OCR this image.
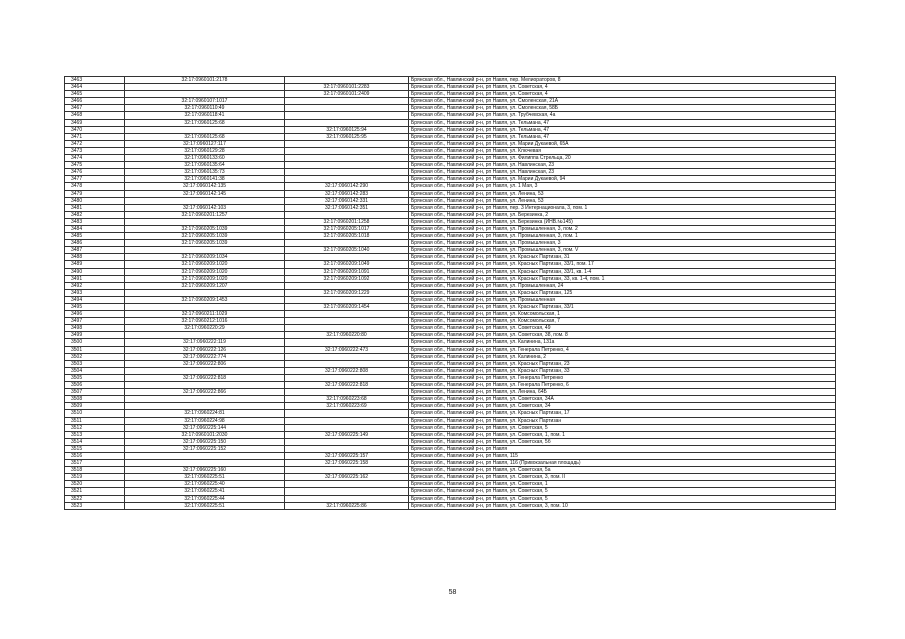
3463	32:17:0960101:2178		Брянская обл., Навлинский р-н, рп Навля, пер. Мелиораторов, 8
3464		32:17:0960101:2283	Брянская обл., Навлинский р-н, рп Навля, ул. Советская, 4
3465		32:17:0960101:2409	Брянская обл., Навлинский р-н, рп Навля, ул. Советская, 4
3466	32:17:0960107:1017		Брянская обл., Навлинский р-н, рп Навля, ул. Смоленская, 21А
3467	32:17:0960110:49		Брянская обл., Навлинский р-н, рп Навля, ул. Смоленская, 58Б
3468	32:17:0960118:41		Брянская обл., Навлинский р-н, рп Навля, ул. Трубчевская, 4а
3469	32:17:0960125:68		Брянская обл., Навлинский р-н, рп Навля, ул. Тельмана, 47
3470		32:17:0960125:94	Брянская обл., Навлинский р-н, рп Навля, ул. Тельмана, 47
3471	32:17:0960125:68	32:17:0960125:95	Брянская обл., Навлинский р-н, рп Навля, ул. Тельмана, 47
3472	32:17:0960127:117		Брянская обл., Навлинский р-н, рп Навля, ул. Марии Дукаевой, 65А
3473	32:17:0960129:28		Брянская обл., Навлинский р-н, рп Навля, ул. Ключевая
3474	32:17:0960133:60		Брянская обл., Навлинский р-н, рп Навля, ул. Филиппа Стрельца, 20
3475	32:17:0960135:64		Брянская обл., Навлинский р-н, рп Навля, ул. Навлинская, 23
3476	32:17:0960135:73		Брянская обл., Навлинский р-н, рп Навля, ул. Навлинская, 23
3477	32:17:0960141:38		Брянская обл., Навлинский р-н, рп Навля, ул. Марии Дукаевой, 94
3478	32:17:0960142:135	32:17:0960142:290	Брянская обл., Навлинский р-н, рп Навля, ул. 1 Мая, 3
3479	32:17:0960142:145	32:17:0960142:283	Брянская обл., Навлинский р-н, рп Навля, ул. Ленина, 53
3480		32:17:0960142:331	Брянская обл., Навлинский р-н, рп Навля, ул. Ленина, 53
3481	32:17:0960142:103	32:17:0960142:351	Брянская обл., Навлинский р-н, рп Навля, пер. 3 Интернационала, 3, пом. 1
3482	32:17:0960201:1257		Брянская обл., Навлинский р-н, рп Навля, ул. Березинка, 2
3483		32:17:0960201:1258	Брянская обл., Навлинский р-н, рп Навля, ул. Березинка (ИНВ.№145)
3484	32:17:0960205:1039	32:17:0960205:1017	Брянская обл., Навлинский р-н, рп Навля, ул. Промышленная, 3, пом. 2
3485	32:17:0960205:1039	32:17:0960205:1018	Брянская обл., Навлинский р-н, рп Навля, ул. Промышленная, 3, пом. 1
3486	32:17:0960205:1039		Брянская обл., Навлинский р-н, рп Навля, ул. Промышленная, 3
3487		32:17:0960205:1040	Брянская обл., Навлинский р-н, рп Навля, ул. Промышленная, 3, пом. V
3488	32:17:0960209:1034		Брянская обл., Навлинский р-н, рп Навля, ул. Красных Партизан, 31
3489	32:17:0960209:1020	32:17:0960209:1049	Брянская обл., Навлинский р-н, рп Навля, ул. Красных Партизан, 33/1, пом. 17
3490	32:17:0960209:1020	32:17:0960209:1091	Брянская обл., Навлинский р-н, рп Навля, ул. Красных Партизан, 33/1, кв. 1-4
3491	32:17:0960209:1020	32:17:0960209:1092	Брянская обл., Навлинский р-н, рп Навля, ул. Красных Партизан, 33, кв. 1-4, пом. 1
3492	32:17:0960209:1207		Брянская обл., Навлинский р-н, рп Навля, ул. Промышленная, 24
3493		32:17:0960209:1229	Брянская обл., Навлинский р-н, рп Навля, ул. Красных Партизан, 125
3494	32:17:0960209:1453		Брянская обл., Навлинский р-н, рп Навля, ул. Промышленная
3495		32:17:0960209:1454	Брянская обл., Навлинский р-н, рп Навля, ул. Красных Партизан, 33/1
3496	32:17:0960211:1029		Брянская обл., Навлинский р-н, рп Навля, ул. Комсомольская, 1
3497	32:17:0960212:1016		Брянская обл., Навлинский р-н, рп Навля, ул. Комсомольская, 7
3498	32:17:0960220:29		Брянская обл., Навлинский р-н, рп Навля, ул. Советская, 49
3499		32:17:0960220:80	Брянская обл., Навлинский р-н, рп Навля, ул. Советская, 38, пом. 8
3500	32:17:0960222:119		Брянская обл., Навлинский р-н, рп Навля, ул. Калинина, 131а
3501	32:17:0960222:126	32:17:0960222:473	Брянская обл., Навлинский р-н, рп Навля, ул. Генерала Петренко, 4
3502	32:17:0960222:774		Брянская обл., Навлинский р-н, рп Навля, ул. Калинина, 2
3503	32:17:0960222:806		Брянская обл., Навлинский р-н, рп Навля, ул. Красных Партизан, 23
3504		32:17:0960222:808	Брянская обл., Навлинский р-н, рп Навля, ул. Красных Партизан, 33
3505	32:17:0960222:818		Брянская обл., Навлинский р-н, рп Навля, ул. Генерала Петренко
3506		32:17:0960222:818	Брянская обл., Навлинский р-н, рп Навля, ул. Генерала Петренко, 6
3507	32:17:0960222:866		Брянская обл., Навлинский р-н, рп Навля, ул. Ленина, 64Б
3508		32:17:0960223:68	Брянская обл., Навлинский р-н, рп Навля, ул. Советская, 34А
3509		32:17:0960223:69	Брянская обл., Навлинский р-н, рп Навля, ул. Советская, 34
3510	32:17:0960224:81		Брянская обл., Навлинский р-н, рп Навля, ул. Красных Партизан, 17
3511	32:17:0960224:98		Брянская обл., Навлинский р-н, рп Навля, ул. Красных Партизан
3512	32:17:0960225:144		Брянская обл., Навлинский р-н, рп Навля, ул. Советская, 5
3513	32:17:0960101:2030	32:17:0960225:149	Брянская обл., Навлинский р-н, рп Навля, ул. Советская, 1, пом. 1
3514	32:17:0960225:150		Брянская обл., Навлинский р-н, рп Навля, ул. Советская, 5б
3515	32:17:0960225:152		Брянская обл., Навлинский р-н, рп Навля
3516		32:17:0960225:157	Брянская обл., Навлинский р-н, рп Навля, 115
3517		32:17:0960225:158	Брянская обл., Навлинский р-н, рп Навля, 116 (Привокзальная площадь)
3518	32:17:0960225:160		Брянская обл., Навлинский р-н, рп Навля, ул. Советская, 5а
3519	32:17:0960225:51	32:17:0960225:162	Брянская обл., Навлинский р-н, рп Навля, ул. Советская, 3, пом. II
3520	32:17:0960225:40		Брянская обл., Навлинский р-н, рп Навля, ул. Советская, 1
3521	32:17:0960225:41		Брянская обл., Навлинский р-н, рп Навля, ул. Советская, 5
3522	32:17:0960225:44		Брянская обл., Навлинский р-н, рп Навля, ул. Советская, 5
3523	32:17:0960225:51	32:17:0960225:86	Брянская обл., Навлинский р-н, рп Навля, ул. Советская, 3, пом. 10
58
